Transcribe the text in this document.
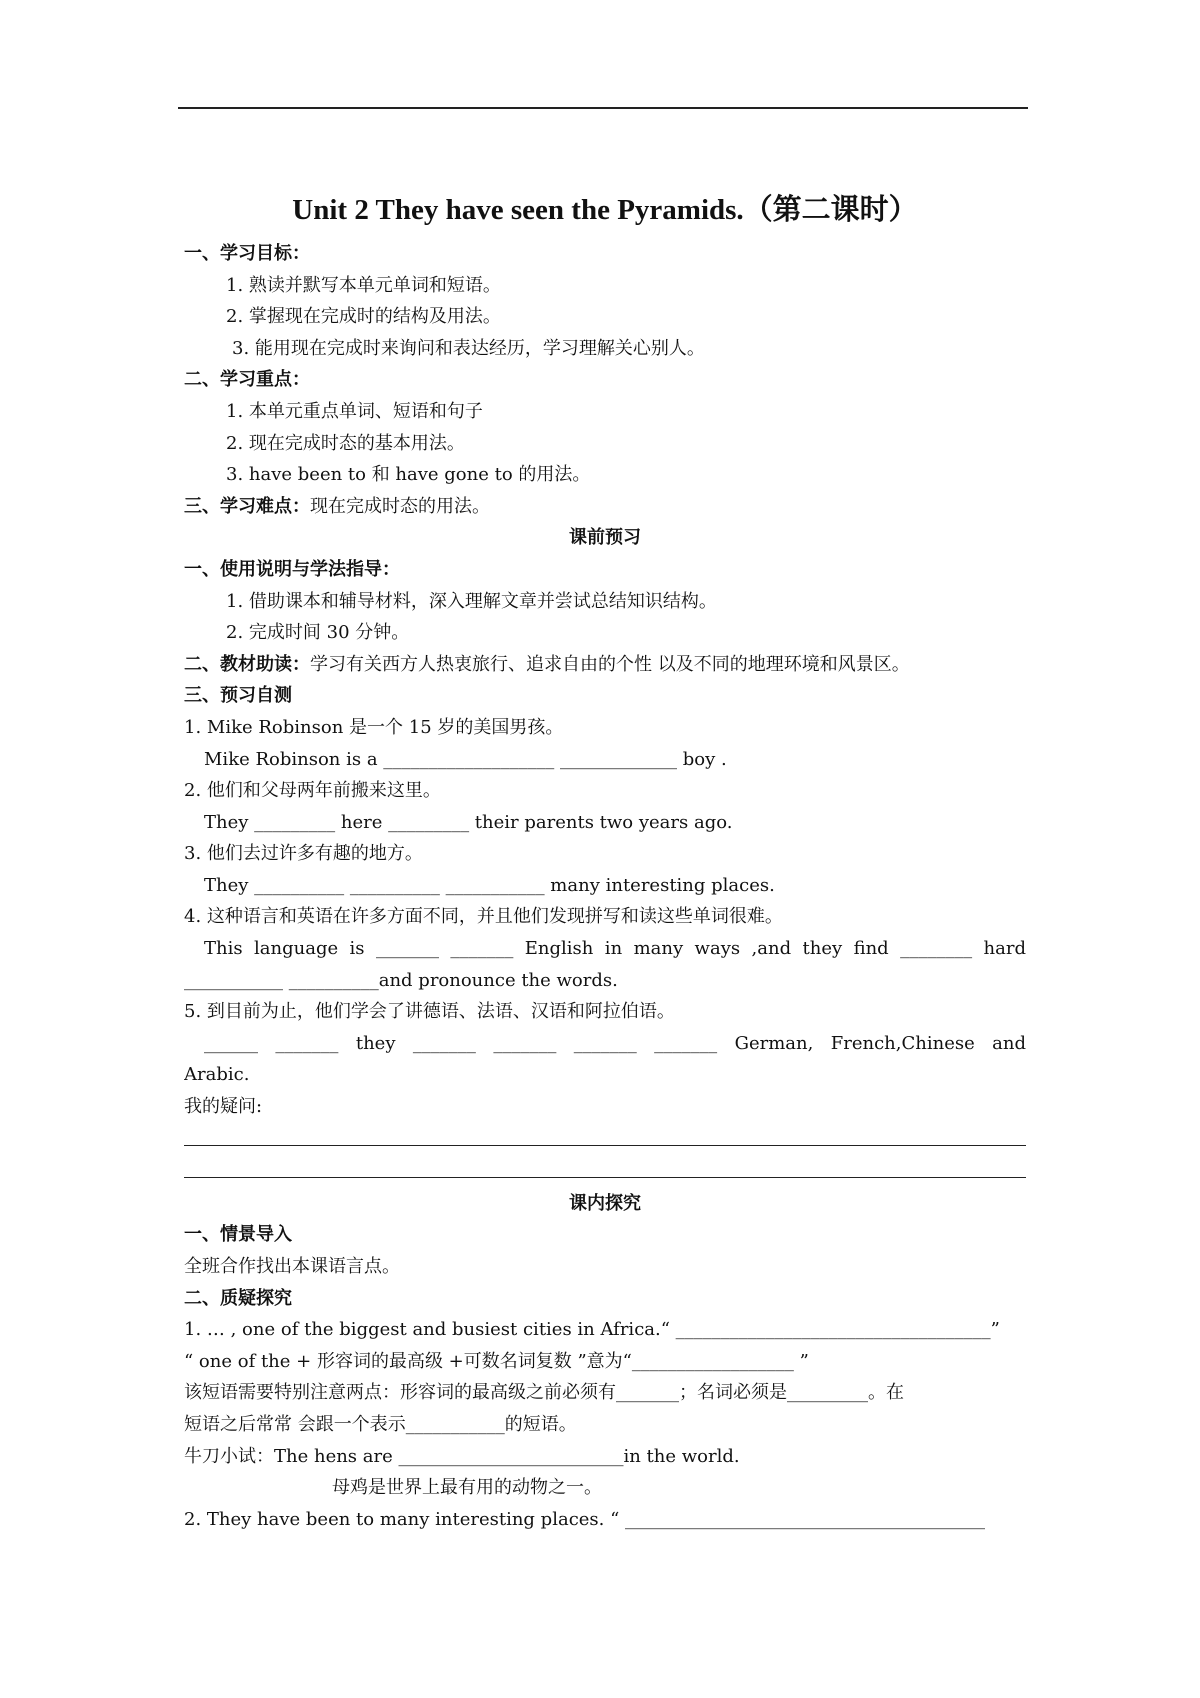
Unit 2 They have seen the Pyramids.（第二课时）
一、学习目标：
1. 熟读并默写本单元单词和短语。
2. 掌握现在完成时的结构及用法。
3. 能用现在完成时来询问和表达经历，学习理解关心别人。
二、学习重点：
1. 本单元重点单词、短语和句子
2. 现在完成时态的基本用法。
3. have been to 和 have gone to 的用法。
三、学习难点：现在完成时态的用法。
课前预习
一、使用说明与学法指导：
1. 借助课本和辅导材料，深入理解文章并尝试总结知识结构。
2. 完成时间 30 分钟。
二、教材助读：学习有关西方人热衷旅行、追求自由的个性 以及不同的地理环境和风景区。
三、预习自测
1. Mike Robinson 是一个 15 岁的美国男孩。
Mike Robinson is a ___________________ _____________ boy .
2. 他们和父母两年前搬来这里。
They _________ here _________ their parents two years ago.
3. 他们去过许多有趣的地方。
They __________ __________ ___________ many interesting places.
4. 这种语言和英语在许多方面不同，并且他们发现拼写和读这些单词很难。
This language is _______ _______ English in many ways ,and they find ________ hard
___________ __________and pronounce the words.
5. 到目前为止，他们学会了讲德语、法语、汉语和阿拉伯语。
______ _______ they _______ _______ _______ _______ German, French,Chinese and
Arabic.
我的疑问:
课内探究
一、情景导入
全班合作找出本课语言点。
二、质疑探究
1. … , one of the biggest and busiest cities in Africa.“ ___________________________________”
“ one of the + 形容词的最高级 +可数名词复数 ”意为“__________________ ”
该短语需要特别注意两点：形容词的最高级之前必须有_______；名词必须是_________。在
短语之后常常 会跟一个表示___________的短语。
牛刀小试：The hens are _________________________in the world.
母鸡是世界上最有用的动物之一。
2. They have been to many interesting places. “ ________________________________________
